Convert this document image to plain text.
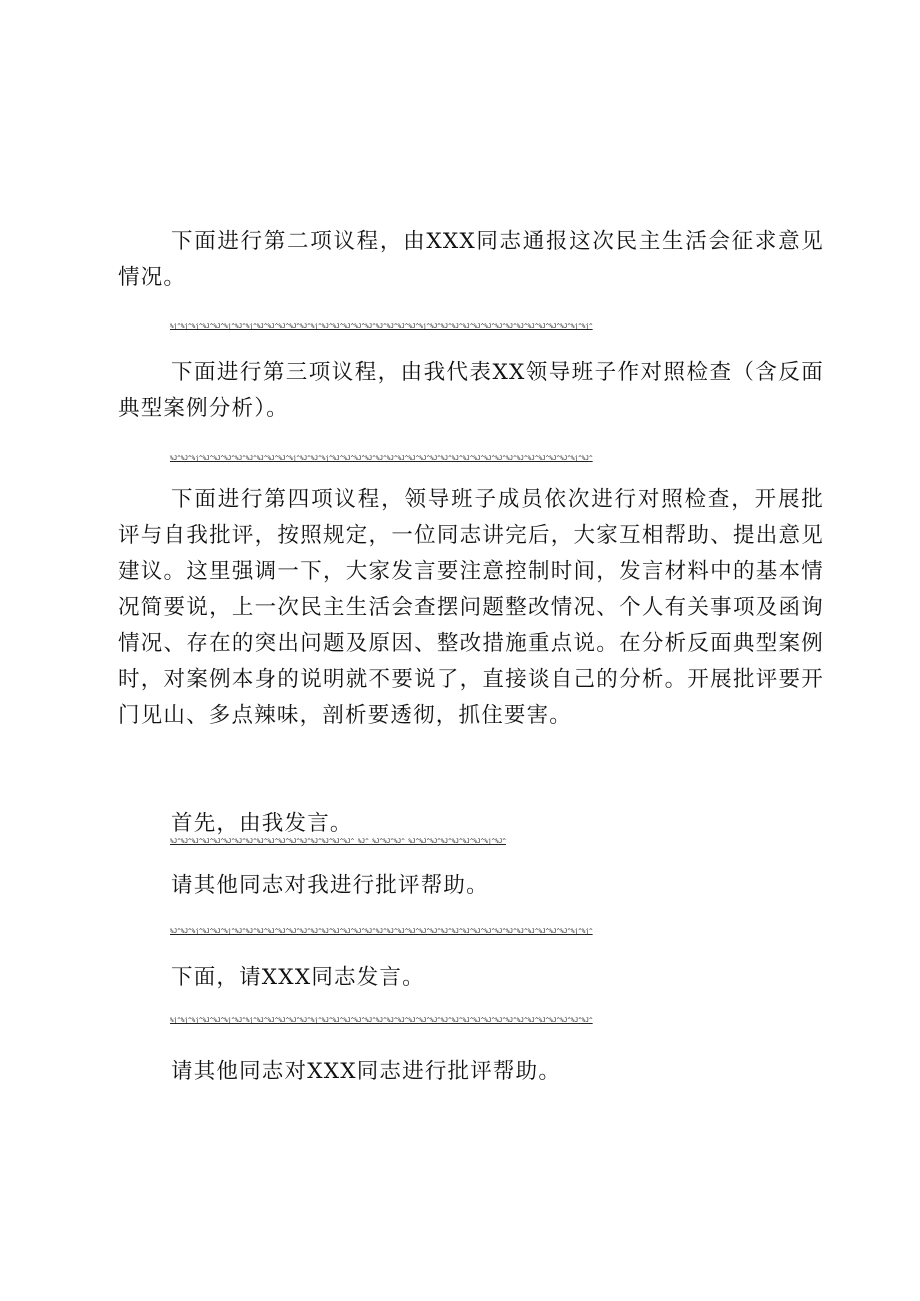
下面进行第二项议程，由XXX同志通报这次民主生活会征求意见情况。

%j^%j^%j^%J^%J^%j^%J^%j^%J^%J^%J^%J^%J^%j^%J^%J^%J^%J^%J^%J^%J^%J^%J^%j^%J^%J^%J^%J^%J^%J^%J^%J^%J^%J^%J^%J^%J^%j^%j^

下面进行第三项议程，由我代表XX领导班子作对照检查（含反面典型案例分析）。

%J^%J^%j^%J^%J^%J^%J^%J^%J^%J^%J^%j^%J^%J^%j^%J^%J^%J^%J^%J^%J^%J^%J^%J^%J^%J^%J^%J^%J^%J^%J^%J^%J^%J^%J^%J^%J^%j^%J^

下面进行第四项议程，领导班子成员依次进行对照检查，开展批评与自我批评，按照规定，一位同志讲完后，大家互相帮助、提出意见建议。这里强调一下，大家发言要注意控制时间，发言材料中的基本情况简要说，上一次民主生活会查摆问题整改情况、个人有关事项及函询情况、存在的突出问题及原因、整改措施重点说。在分析反面典型案例时，对案例本身的说明就不要说了，直接谈自己的分析。开展批评要开门见山、多点辣味，剖析要透彻，抓住要害。

首先，由我发言。

%J^%J^%J^%J^%J^%J^%J^%J^%J^%J^%J^%J^%J^%J^%J^%J^%J^ %J^ %J^%J^%J^ %J^%J^%J^%J^%J^%J^%J^%j^%J^

请其他同志对我进行批评帮助。

%J^%J^%j^%J^%J^%j^%J^%J^%J^%J^%J^%J^%J^%J^%J^%J^%J^%J^%J^%J^%J^%J^%J^%J^%J^%J^%J^%J^%J^%J^%J^%J^%J^%J^%J^%J^%J^%j^%j^

下面，请XXX同志发言。

%j^%j^%j^%J^%J^%j^%J^%j^%J^%J^%J^%J^%J^%j^%J^%J^%J^%J^%J^%J^%J^%J^%J^%J^%J^%J^%J^%J^%J^%J^%J^%J^%J^%J^%J^%J^%J^%J^%J^

请其他同志对XXX同志进行批评帮助。
